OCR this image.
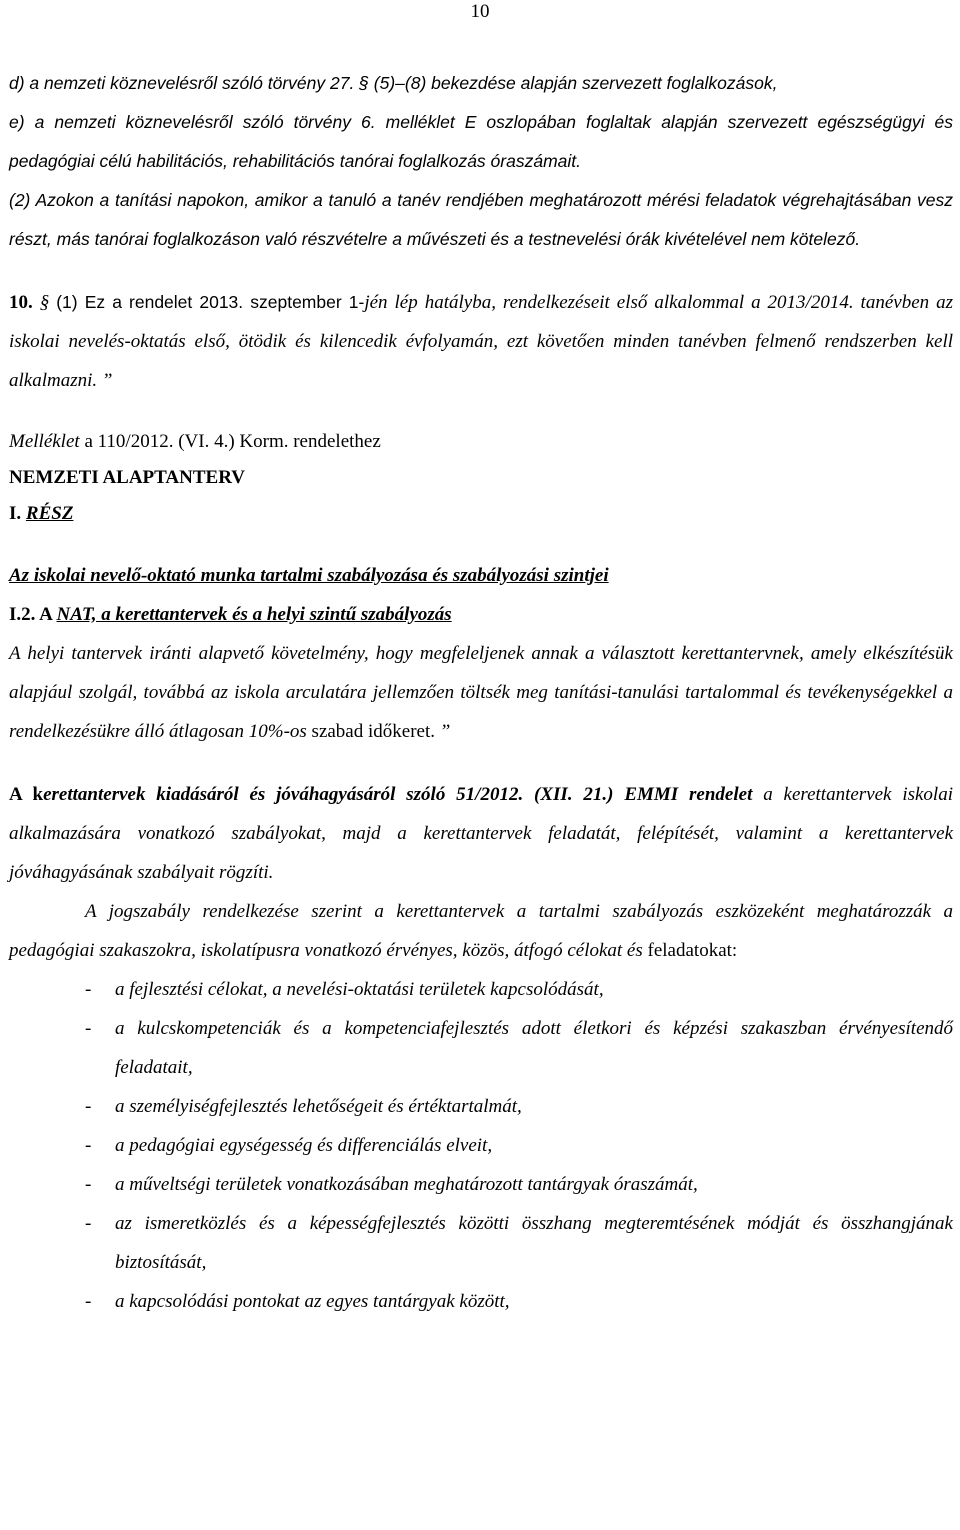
10

d) a nemzeti köznevelésről szóló törvény 27. § (5)–(8) bekezdése alapján szervezett foglalkozások,

e) a nemzeti köznevelésről szóló törvény 6. melléklet E oszlopában foglaltak alapján szervezett egészségügyi és pedagógiai célú habilitációs, rehabilitációs tanórai foglalkozás óraszámait.

(2) Azokon a tanítási napokon, amikor a tanuló a tanév rendjében meghatározott mérési feladatok végrehajtásában vesz részt, más tanórai foglalkozáson való részvételre a művészeti és a testnevelési órák kivételével nem kötelező.

10. § (1) Ez a rendelet 2013. szeptember 1-jén lép hatályba, rendelkezéseit első alkalommal a 2013/2014. tanévben az iskolai nevelés-oktatás első, ötödik és kilencedik évfolyamán, ezt követően minden tanévben felmenő rendszerben kell alkalmazni. ”

Melléklet a 110/2012. (VI. 4.) Korm. rendelethez

NEMZETI ALAPTANTERV

I. RÉSZ

Az iskolai nevelő-oktató munka tartalmi szabályozása és szabályozási szintjei

I.2. A NAT, a kerettantervek és a helyi szintű szabályozás

A helyi tantervek iránti alapvető követelmény, hogy megfeleljenek annak a választott kerettantervnek, amely elkészítésük alapjául szolgál, továbbá az iskola arculatára jellemzően töltsék meg tanítási-tanulási tartalommal és tevékenységekkel a rendelkezésükre álló átlagosan 10%-os szabad időkeret. ”

A kerettantervek kiadásáról és jóváhagyásáról szóló 51/2012. (XII. 21.) EMMI rendelet a kerettantervek iskolai alkalmazására vonatkozó szabályokat, majd a kerettantervek feladatát, felépítését, valamint a kerettantervek jóváhagyásának szabályait rögzíti.

A jogszabály rendelkezése szerint a kerettantervek a tartalmi szabályozás eszközeként meghatározzák a pedagógiai szakaszokra, iskolatípusra vonatkozó érvényes, közös, átfogó célokat és feladatokat:

- a fejlesztési célokat, a nevelési-oktatási területek kapcsolódását,
- a kulcskompetenciák és a kompetenciafejlesztés adott életkori és képzési szakaszban érvényesítendő feladatait,
- a személyiségfejlesztés lehetőségeit és értéktartalmát,
- a pedagógiai egységesség és differenciálás elveit,
- a műveltségi területek vonatkozásában meghatározott tantárgyak óraszámát,
- az ismeretközlés és a képességfejlesztés közötti összhang megteremtésének módját és összhangjának biztosítását,
- a kapcsolódási pontokat az egyes tantárgyak között,
